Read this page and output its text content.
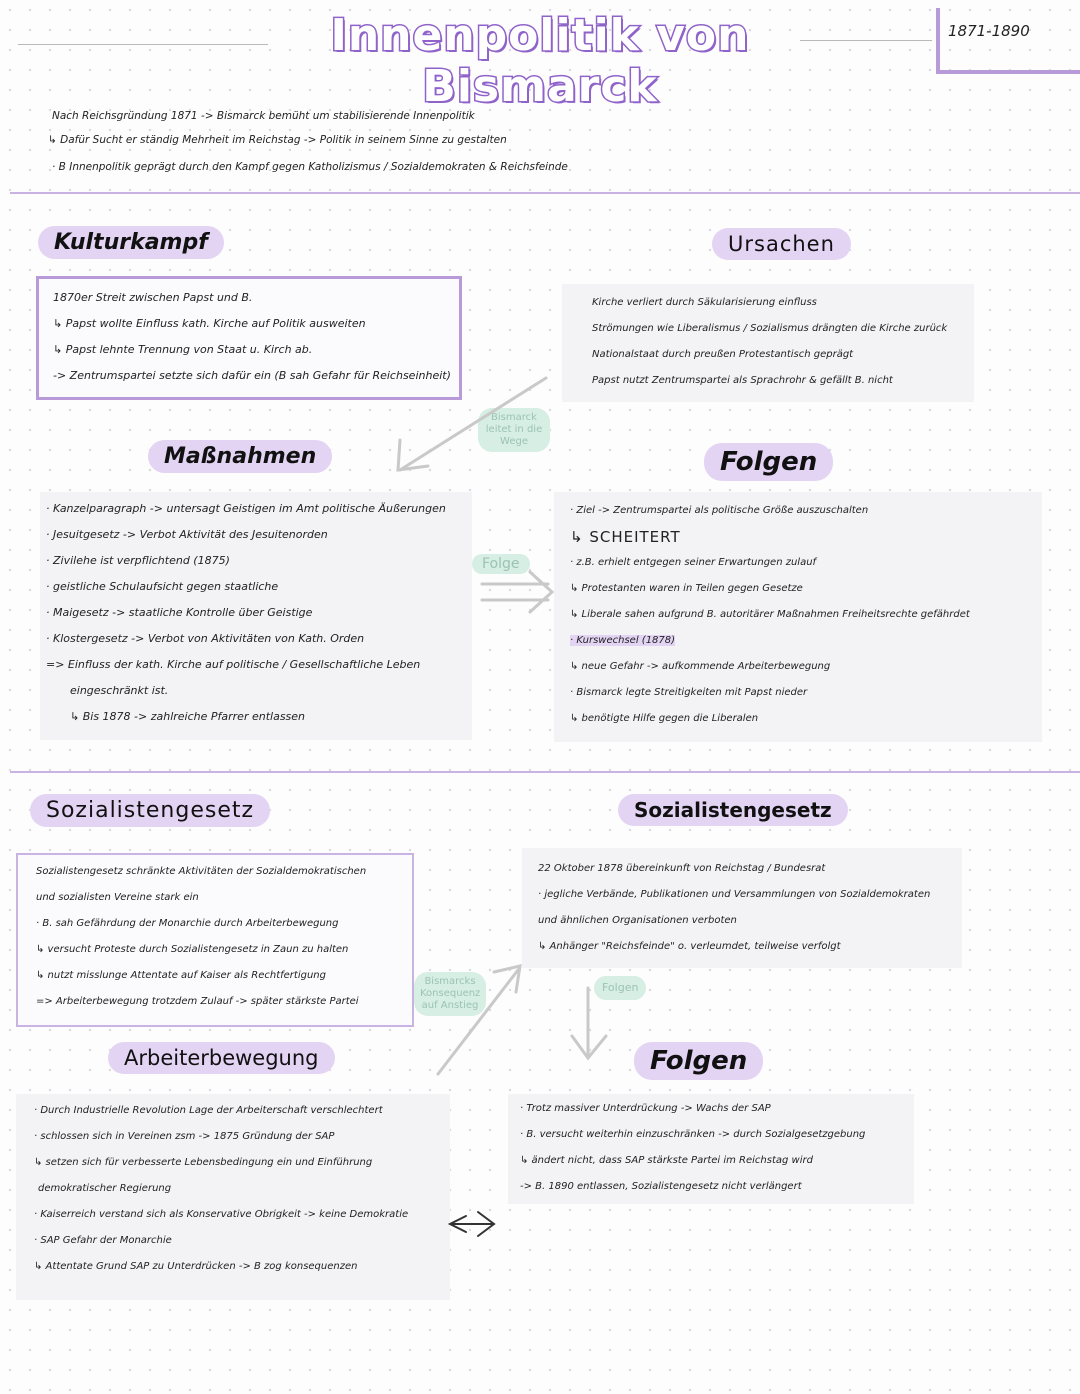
Innenpolitik von Bismarck
1871-1890
Nach Reichsgründung 1871 -> Bismarck bemüht um stabilisierende Innenpolitik
↳ Dafür Sucht er ständig Mehrheit im Reichstag -> Politik in seinem Sinne zu gestalten
· B Innenpolitik geprägt durch den Kampf gegen Katholizismus / Sozialdemokraten & Reichsfeinde
Kulturkampf
1870er Streit zwischen Papst und B.
↳ Papst wollte Einfluss kath. Kirche auf Politik ausweiten
↳ Papst lehnte Trennung von Staat u. Kirch ab.
-> Zentrumspartei setzte sich dafür ein (B sah Gefahr für Reichseinheit)
Ursachen
Kirche verliert durch Säkularisierung einfluss
Strömungen wie Liberalismus / Sozialismus drängten die Kirche zurück
Nationalstaat durch preußen Protestantisch geprägt
Papst nutzt Zentrumspartei als Sprachrohr & gefällt B. nicht
Bismarck leitet in die Wege
Maßnahmen
· Kanzelparagraph -> untersagt Geistigen im Amt politische Äußerungen
· Jesuitgesetz -> Verbot Aktivität des Jesuitenorden
· Zivilehe ist verpflichtend (1875)
· geistliche Schulaufsicht gegen staatliche
· Maigesetz -> staatliche Kontrolle über Geistige
· Klostergesetz -> Verbot von Aktivitäten von Kath. Orden
=> Einfluss der kath. Kirche auf politische / Gesellschaftliche Leben
eingeschränkt ist.
↳ Bis 1878 -> zahlreiche Pfarrer entlassen
Folge
Folgen
· Ziel -> Zentrumspartei als politische Größe auszuschalten
↳ SCHEITERT
· z.B. erhielt entgegen seiner Erwartungen zulauf
↳ Protestanten waren in Teilen gegen Gesetze
↳ Liberale sahen aufgrund B. autoritärer Maßnahmen Freiheitsrechte gefährdet
· Kurswechsel (1878)
↳ neue Gefahr -> aufkommende Arbeiterbewegung
· Bismarck legte Streitigkeiten mit Papst nieder
↳ benötigte Hilfe gegen die Liberalen
Sozialistengesetz
Sozialistengesetz schränkte Aktivitäten der Sozialdemokratischen
und sozialisten Vereine stark ein
· B. sah Gefährdung der Monarchie durch Arbeiterbewegung
↳ versucht Proteste durch Sozialistengesetz in Zaun zu halten
↳ nutzt misslunge Attentate auf Kaiser als Rechtfertigung
=> Arbeiterbewegung trotzdem Zulauf -> später stärkste Partei
Bismarcks Konsequenz auf Anstieg
Sozialistengesetz
22 Oktober 1878 übereinkunft von Reichstag / Bundesrat
· jegliche Verbände, Publikationen und Versammlungen von Sozialdemokraten
und ähnlichen Organisationen verboten
↳ Anhänger "Reichsfeinde" o. verleumdet, teilweise verfolgt
Folgen
Arbeiterbewegung
· Durch Industrielle Revolution Lage der Arbeiterschaft verschlechtert
· schlossen sich in Vereinen zsm -> 1875 Gründung der SAP
↳ setzen sich für verbesserte Lebensbedingung ein und Einführung
demokratischer Regierung
· Kaiserreich verstand sich als Konservative Obrigkeit -> keine Demokratie
· SAP Gefahr der Monarchie
↳ Attentate Grund SAP zu Unterdrücken -> B zog konsequenzen
Folgen
· Trotz massiver Unterdrückung -> Wachs der SAP
· B. versucht weiterhin einzuschränken -> durch Sozialgesetzgebung
↳ ändert nicht, dass SAP stärkste Partei im Reichstag wird
-> B. 1890 entlassen, Sozialistengesetz nicht verlängert
